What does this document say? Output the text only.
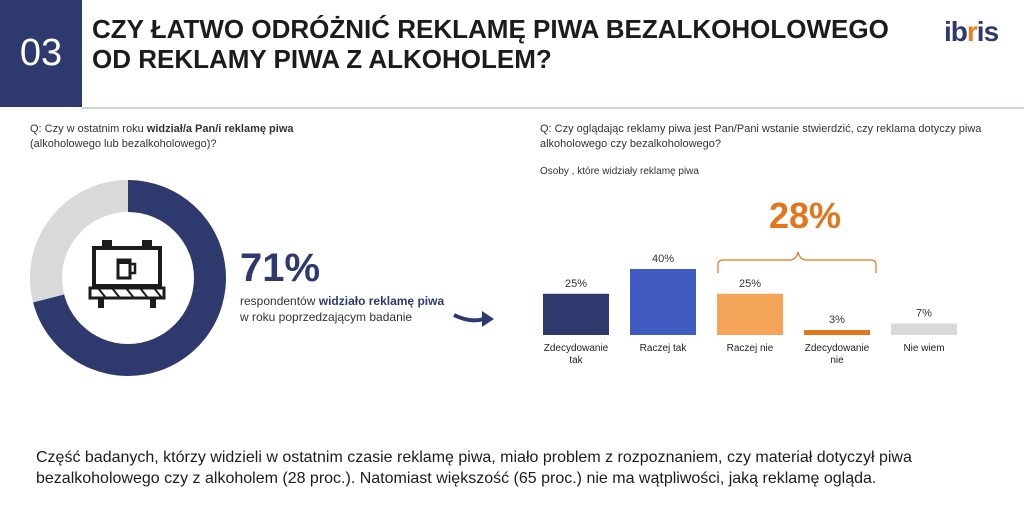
03
CZY ŁATWO ODRÓŻNIĆ REKLAMĘ PIWA BEZALKOHOLOWEGO
OD REKLAMY PIWA Z ALKOHOLEM?
ibris
Q: Czy w ostatnim roku widział/a Pan/i reklamę piwa
(alkoholowego lub bezalkoholowego)?
71%
respondentów widziało reklamę piwa
w roku poprzedzającym badanie
Q: Czy oglądając reklamy piwa jest Pan/Pani wstanie stwierdzić, czy reklama dotyczy piwa alkoholowego czy bezalkoholowego?
Osoby , które widziały reklamę piwa
25%
Zdecydowanie
tak
40%
Raczej tak
25%
Raczej nie
3%
Zdecydowanie
nie
7%
Nie wiem
28%
Część badanych, którzy widzieli w ostatnim czasie reklamę piwa, miało problem z rozpoznaniem, czy materiał dotyczył piwa bezalkoholowego czy z alkoholem (28 proc.). Natomiast większość (65 proc.) nie ma wątpliwości, jaką reklamę ogląda.
